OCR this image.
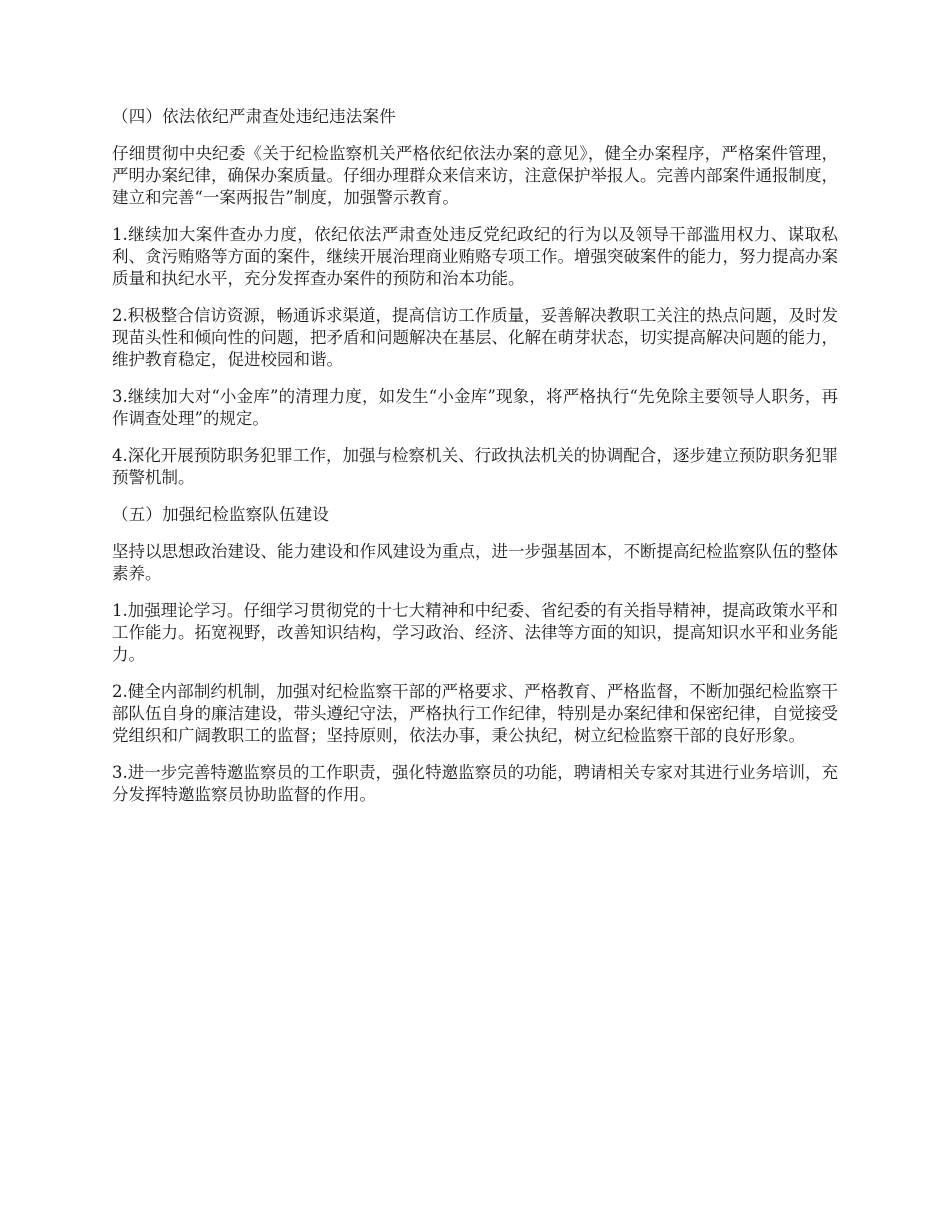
（四）依法依纪严肃查处违纪违法案件
仔细贯彻中央纪委《关于纪检监察机关严格依纪依法办案的意见》，健全办案程序，严格案件管理，严明办案纪律，确保办案质量。仔细办理群众来信来访，注意保护举报人。完善内部案件通报制度，建立和完善“一案两报告”制度，加强警示教育。
1.继续加大案件查办力度，依纪依法严肃查处违反党纪政纪的行为以及领导干部滥用权力、谋取私利、贪污贿赂等方面的案件，继续开展治理商业贿赂专项工作。增强突破案件的能力，努力提高办案质量和执纪水平，充分发挥查办案件的预防和治本功能。
2.积极整合信访资源，畅通诉求渠道，提高信访工作质量，妥善解决教职工关注的热点问题，及时发现苗头性和倾向性的问题，把矛盾和问题解决在基层、化解在萌芽状态，切实提高解决问题的能力，维护教育稳定，促进校园和谐。
3.继续加大对“小金库”的清理力度，如发生“小金库”现象，将严格执行“先免除主要领导人职务，再作调查处理”的规定。
4.深化开展预防职务犯罪工作，加强与检察机关、行政执法机关的协调配合，逐步建立预防职务犯罪预警机制。
（五）加强纪检监察队伍建设
坚持以思想政治建设、能力建设和作风建设为重点，进一步强基固本，不断提高纪检监察队伍的整体素养。
1.加强理论学习。仔细学习贯彻党的十七大精神和中纪委、省纪委的有关指导精神，提高政策水平和工作能力。拓宽视野，改善知识结构，学习政治、经济、法律等方面的知识，提高知识水平和业务能力。
2.健全内部制约机制，加强对纪检监察干部的严格要求、严格教育、严格监督，不断加强纪检监察干部队伍自身的廉洁建设，带头遵纪守法，严格执行工作纪律，特别是办案纪律和保密纪律，自觉接受党组织和广阔教职工的监督；坚持原则，依法办事，秉公执纪，树立纪检监察干部的良好形象。
3.进一步完善特邀监察员的工作职责，强化特邀监察员的功能，聘请相关专家对其进行业务培训，充分发挥特邀监察员协助监督的作用。
